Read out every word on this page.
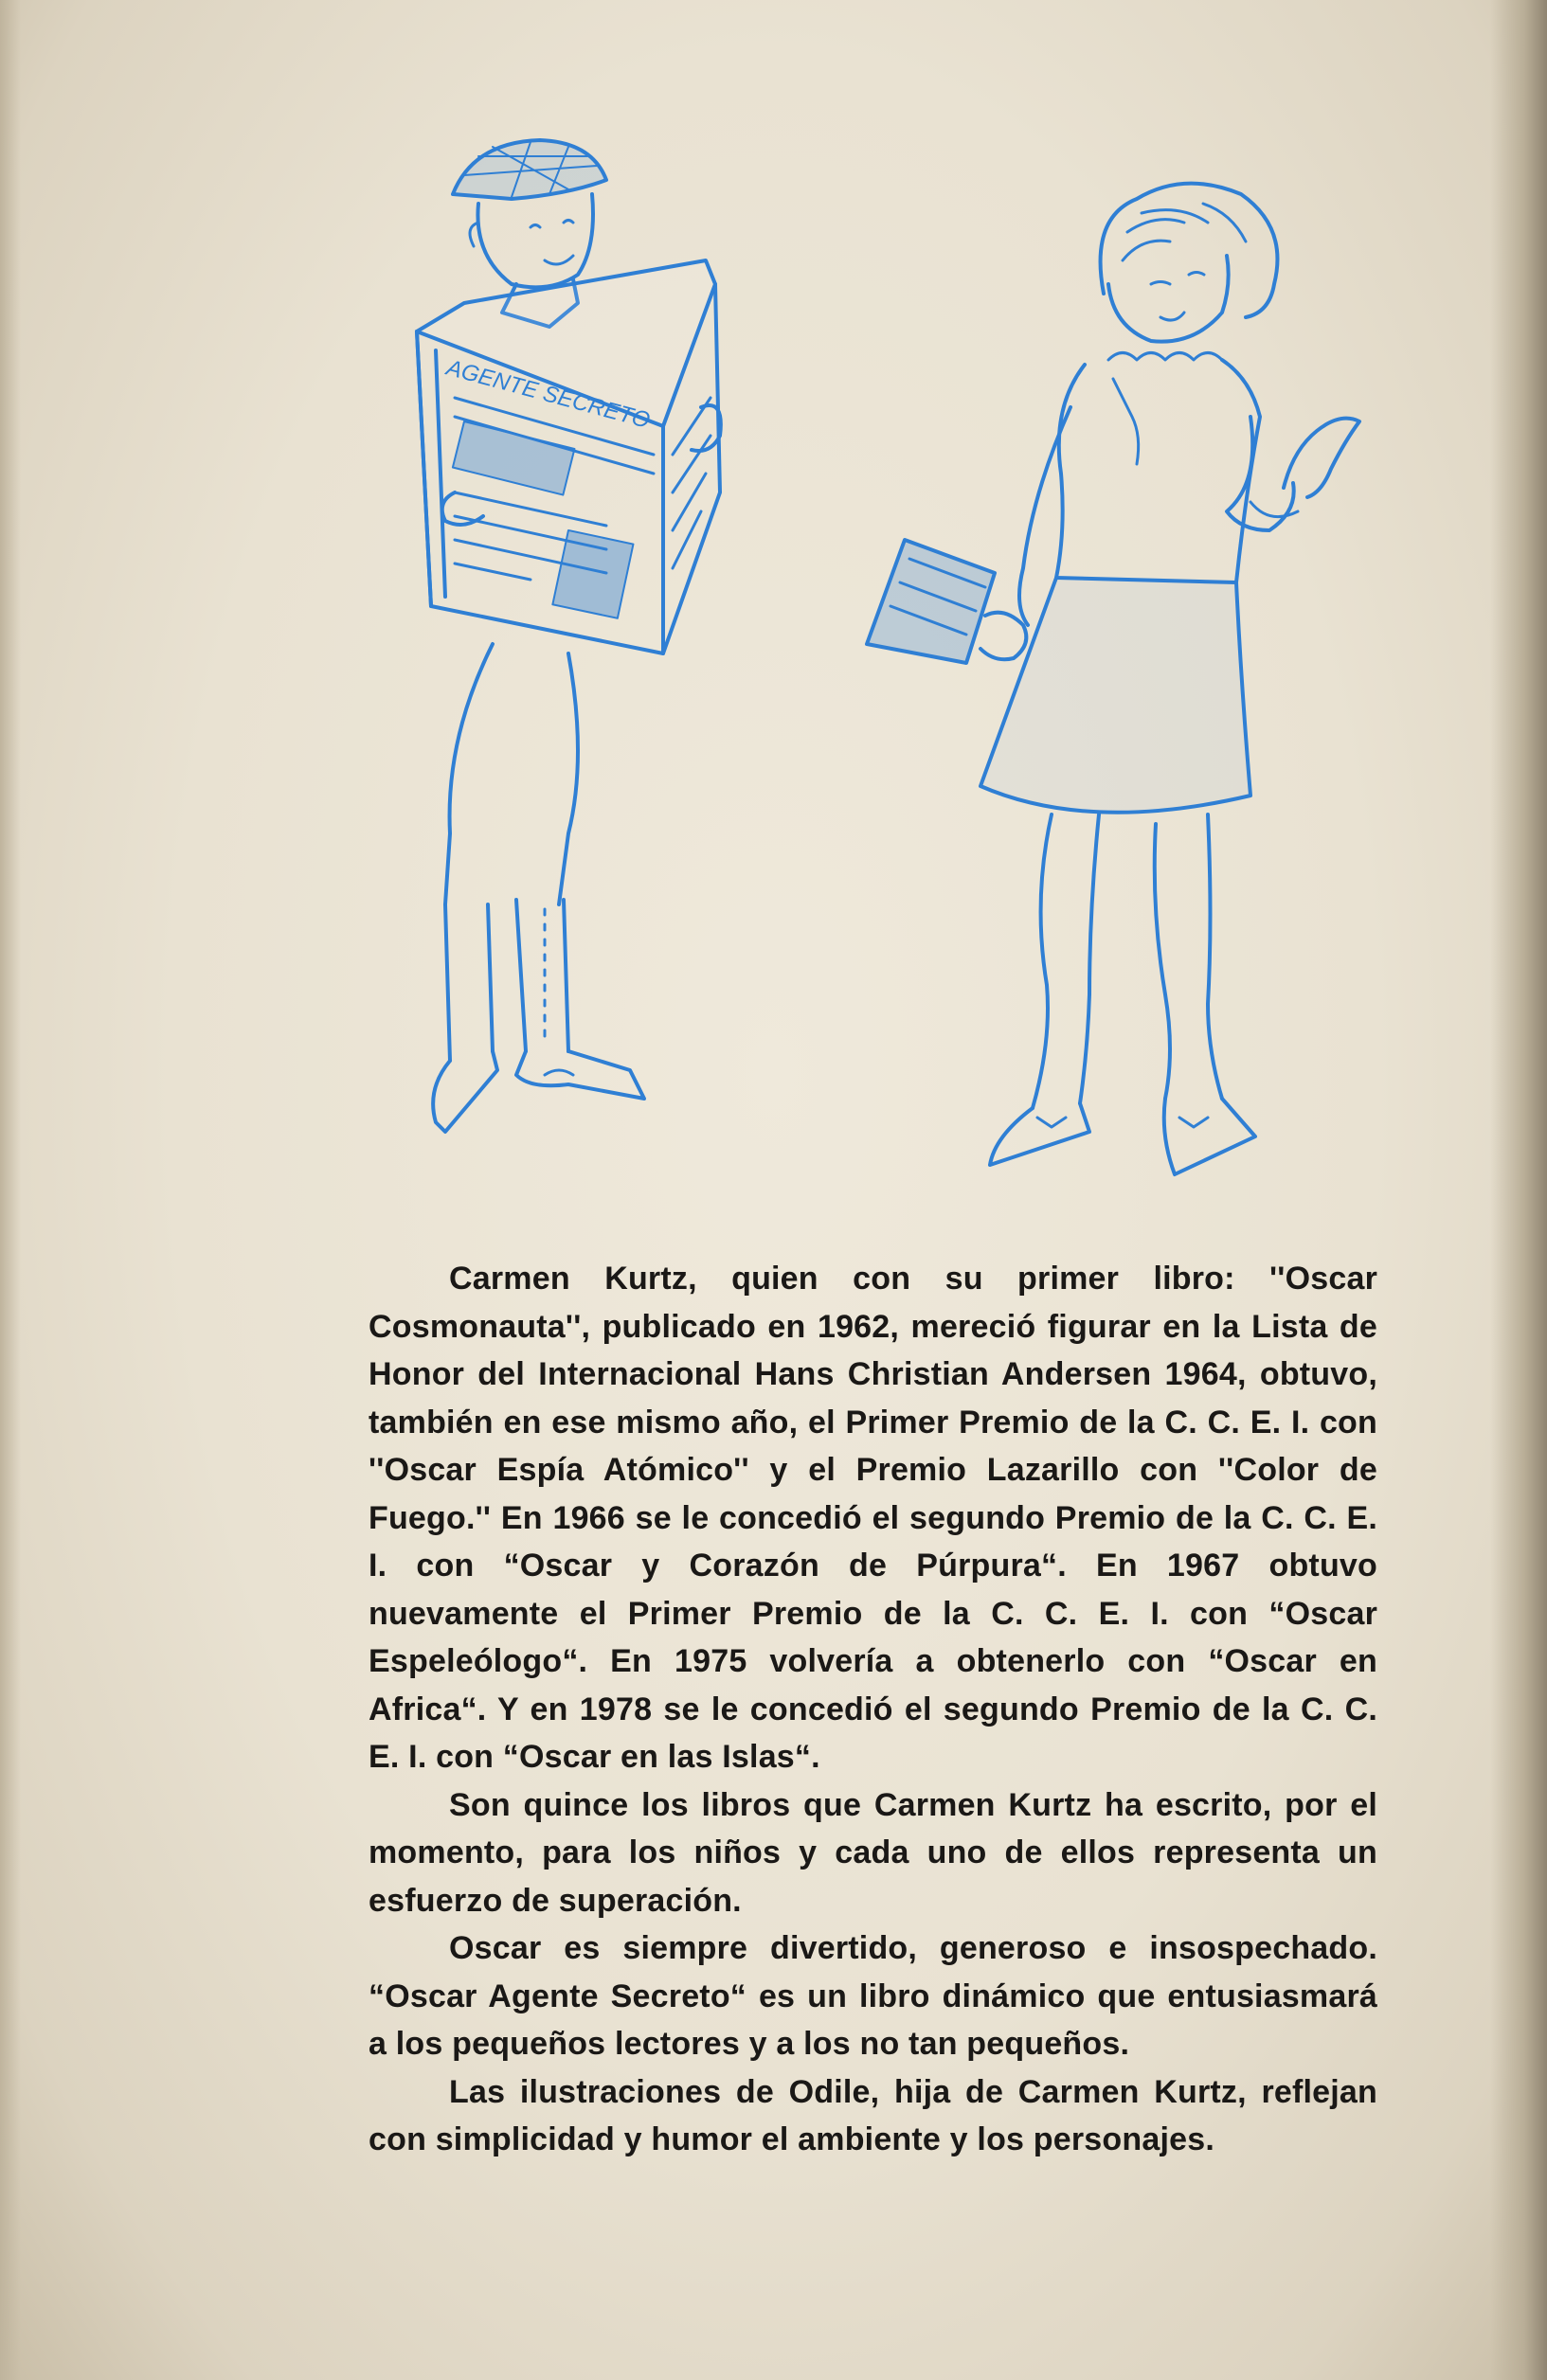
AGENTE SECRETO

Carmen Kurtz, quien con su primer libro: ''Oscar Cosmonauta'', publicado en 1962, mereció figurar en la Lista de Honor del Internacional Hans Christian Andersen 1964, obtuvo, también en ese mismo año, el Primer Premio de la C. C. E. I. con ''Oscar Espía Atómico'' y el Premio Lazarillo con ''Color de Fuego.'' En 1966 se le concedió el segundo Premio de la C. C. E. I. con “Oscar y Corazón de Púrpura“. En 1967 obtuvo nuevamente el Primer Premio de la C. C. E. I. con “Oscar Espeleólogo“. En 1975 volvería a obtenerlo con “Oscar en Africa“. Y en 1978 se le concedió el segundo Premio de la C. C. E. I. con “Oscar en las Islas“.

Son quince los libros que Carmen Kurtz ha escrito, por el momento, para los niños y cada uno de ellos representa un esfuerzo de superación.

Oscar es siempre divertido, generoso e insospechado. “Oscar Agente Secreto“ es un libro dinámico que entusiasmará a los pequeños lectores y a los no tan pequeños.

Las ilustraciones de Odile, hija de Carmen Kurtz, reflejan con simplicidad y humor el ambiente y los personajes.
